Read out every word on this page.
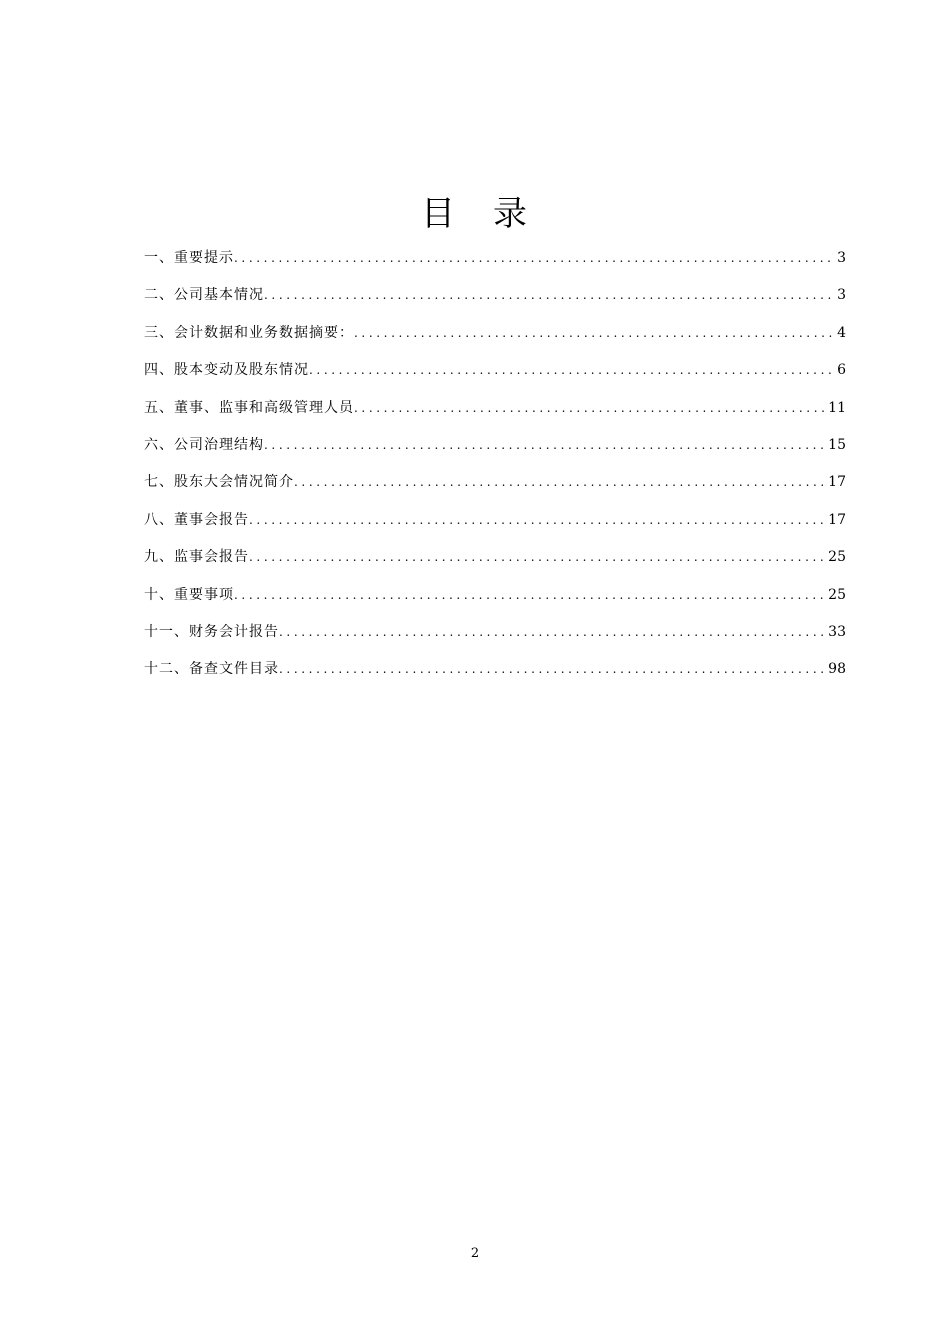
目　录
一、重要提示 .....	3
二、公司基本情况 .....	3
三、会计数据和业务数据摘要： .....	4
四、股本变动及股东情况 .....	6
五、董事、监事和高级管理人员 .....	11
六、公司治理结构 .....	15
七、股东大会情况简介 .....	17
八、董事会报告 .....	17
九、监事会报告 .....	25
十、重要事项 .....	25
十一、财务会计报告 .....	33
十二、备查文件目录 .....	98
2
